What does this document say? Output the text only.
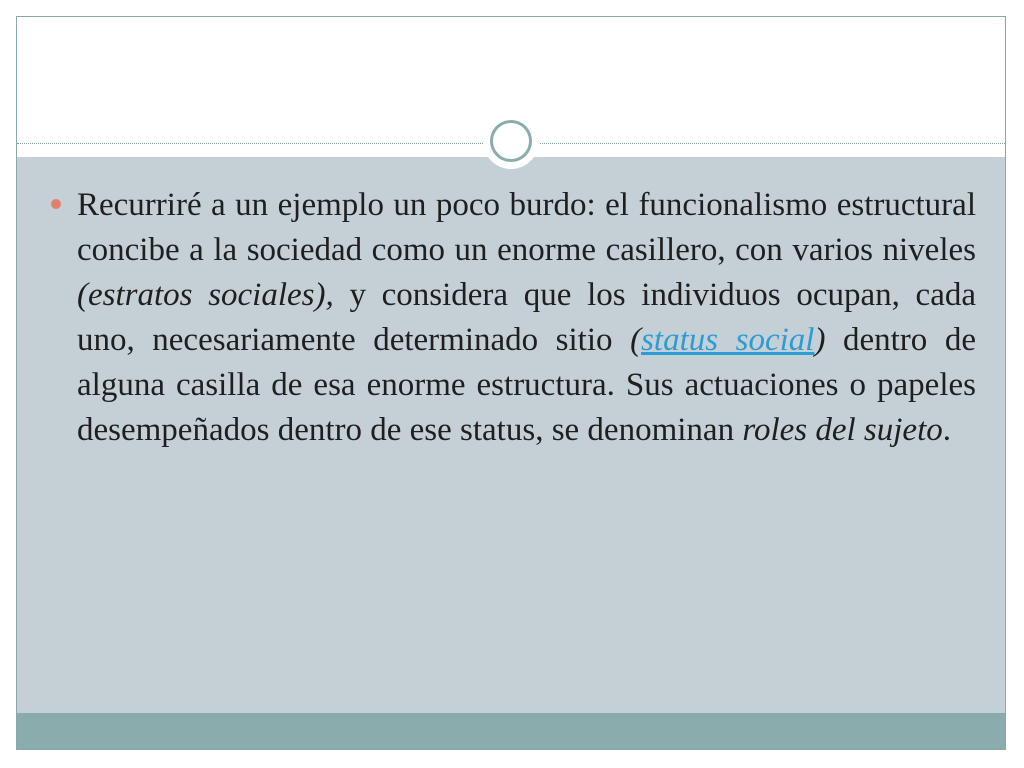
Recurriré a un ejemplo un poco burdo: el funcionalismo estructural concibe a la sociedad como un enorme casillero, con varios niveles (estratos sociales), y considera que los individuos ocupan, cada uno, necesariamente determinado sitio (status social) dentro de alguna casilla de esa enorme estructura. Sus actuaciones o papeles desempeñados dentro de ese status, se denominan roles del sujeto.
